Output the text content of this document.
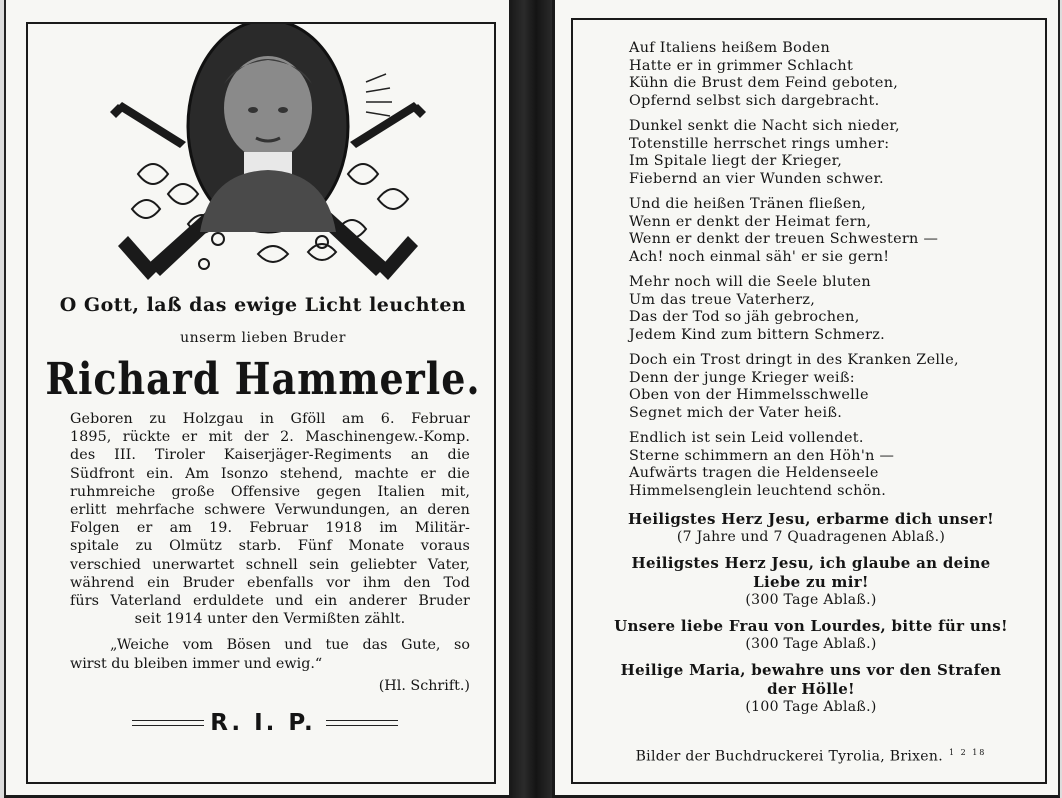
O Gott, laß das ewige Licht leuchten
unserm lieben Bruder
Richard Hammerle.
Geboren zu Holzgau in Gföll am 6. Februar
1895, rückte er mit der 2. Maschinengew.-Komp.
des III. Tiroler Kaiserjäger-Regiments an die
Südfront ein. Am Isonzo stehend, machte er die
ruhmreiche große Offensive gegen Italien mit,
erlitt mehrfache schwere Verwundungen, an deren
Folgen er am 19. Februar 1918 im Militär-
spitale zu Olmütz starb. Fünf Monate voraus
verschied unerwartet schnell sein geliebter Vater,
während ein Bruder ebenfalls vor ihm den Tod
fürs Vaterland erduldete und ein anderer Bruder
seit 1914 unter den Vermißten zählt.
„Weiche vom Bösen und tue das Gute, so
wirst du bleiben immer und ewig.“
(Hl. Schrift.)
R. I. P.
Auf Italiens heißem Boden
Hatte er in grimmer Schlacht
Kühn die Brust dem Feind geboten,
Opfernd selbst sich dargebracht.
Dunkel senkt die Nacht sich nieder,
Totenstille herrschet rings umher:
Im Spitale liegt der Krieger,
Fiebernd an vier Wunden schwer.
Und die heißen Tränen fließen,
Wenn er denkt der Heimat fern,
Wenn er denkt der treuen Schwestern —
Ach! noch einmal säh' er sie gern!
Mehr noch will die Seele bluten
Um das treue Vaterherz,
Das der Tod so jäh gebrochen,
Jedem Kind zum bittern Schmerz.
Doch ein Trost dringt in des Kranken Zelle,
Denn der junge Krieger weiß:
Oben von der Himmelsschwelle
Segnet mich der Vater heiß.
Endlich ist sein Leid vollendet.
Sterne schimmern an den Höh'n —
Aufwärts tragen die Heldenseele
Himmelsenglein leuchtend schön.
Heiligstes Herz Jesu, erbarme dich unser!
(7 Jahre und 7 Quadragenen Ablaß.)
Heiligstes Herz Jesu, ich glaube an deine
Liebe zu mir!
(300 Tage Ablaß.)
Unsere liebe Frau von Lourdes, bitte für uns!
(300 Tage Ablaß.)
Heilige Maria, bewahre uns vor den Strafen
der Hölle!
(100 Tage Ablaß.)
Bilder der Buchdruckerei Tyrolia, Brixen. $^{1 2 18}$
